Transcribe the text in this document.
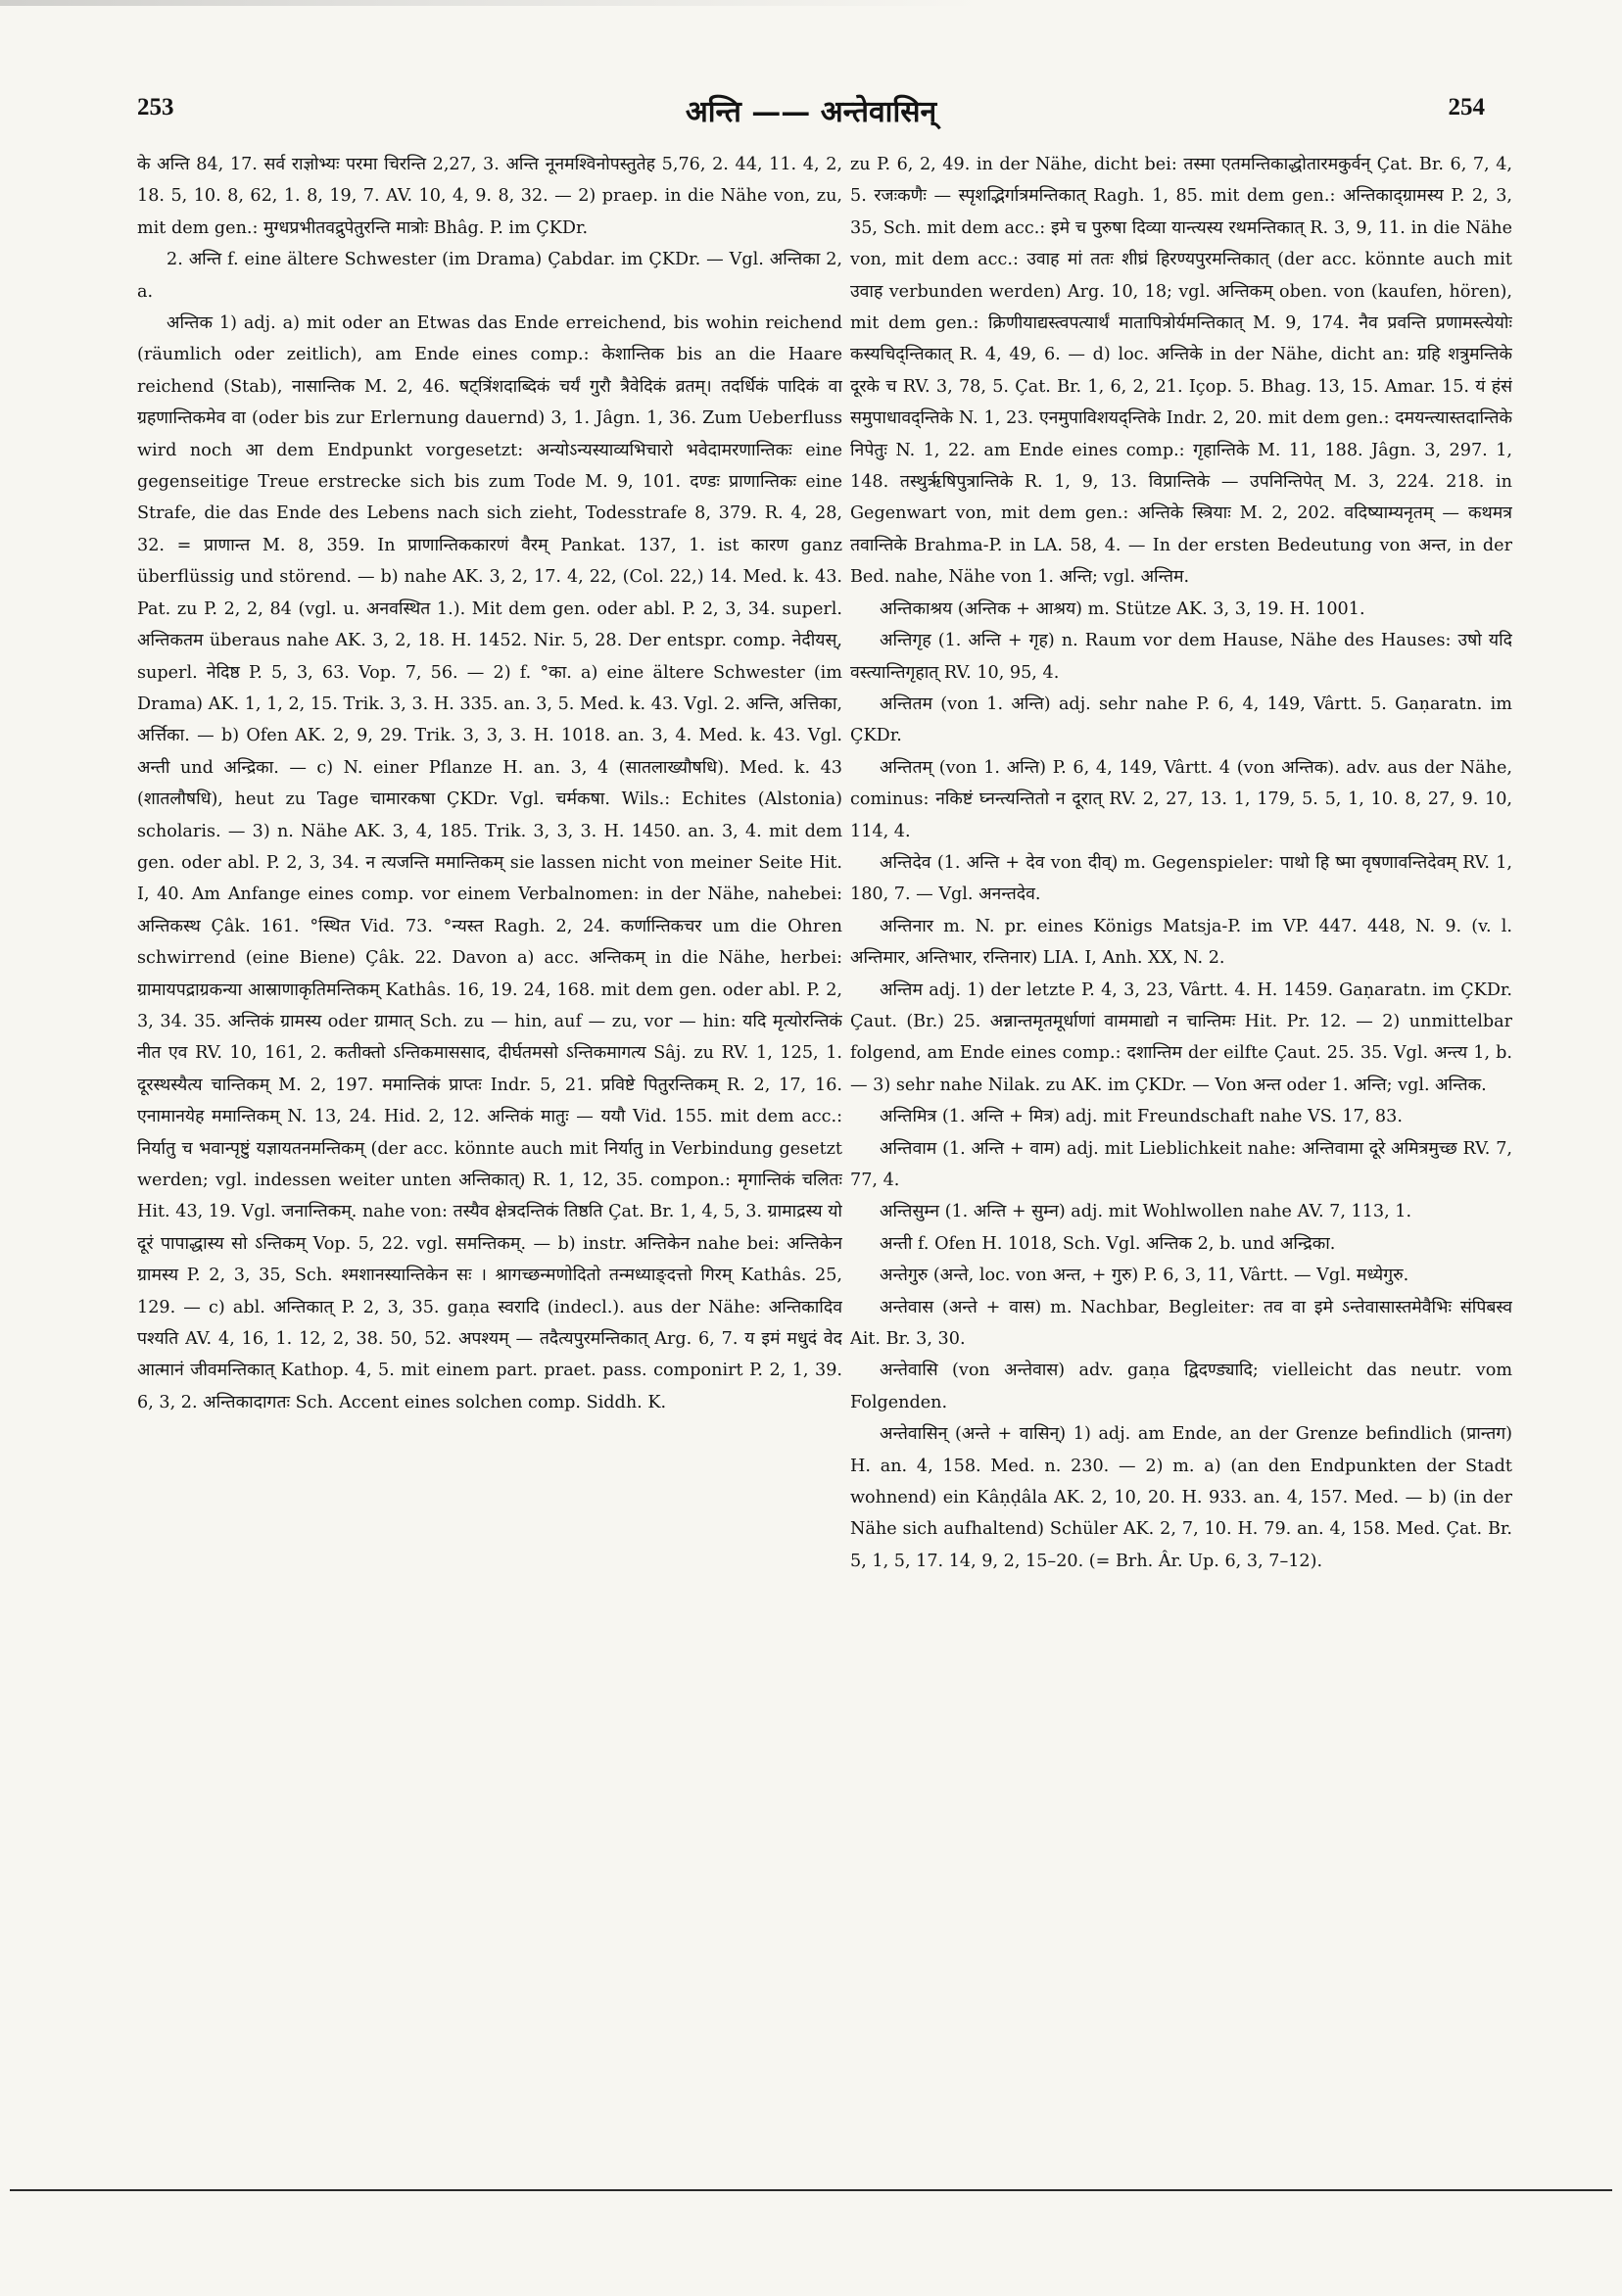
253	अन्ति —— अन्तेवासिन्	254

के अन्ति 84, 17. सर्व राज्ञोभ्यः परमा चिरन्ति 2,27, 3. अन्ति नूनमश्विनोपस्तुतेह 5,76, 2. 44, 11. 4, 2, 18. 5, 10. 8, 62, 1. 8, 19, 7. AV. 10, 4, 9. 8, 32. — 2) praep. in die Nähe von, zu, mit dem gen.: मुग्धप्रभीतवद्रुपेतुरन्ति मात्रोः Bhâg. P. im ÇKDr.

2. अन्ति f. eine ältere Schwester (im Drama) Çabdar. im ÇKDr. — Vgl. अन्तिका 2, a.

अन्तिक 1) adj. a) mit oder an Etwas das Ende erreichend, bis wohin reichend (räumlich oder zeitlich), am Ende eines comp.: केशान्तिक bis an die Haare reichend (Stab), नासान्तिक M. 2, 46. षट्त्रिंशदाब्दिकं चर्यं गुरौ त्रैवेदिकं व्रतम्। तदर्धिकं पादिकं वा ग्रहणान्तिकमेव वा (oder bis zur Erlernung dauernd) 3, 1. Jâgn. 1, 36. Zum Ueberfluss wird noch आ dem Endpunkt vorgesetzt: अन्योऽन्यस्याव्यभिचारो भवेदामरणान्तिकः eine gegenseitige Treue erstrecke sich bis zum Tode M. 9, 101. दण्डः प्राणान्तिकः eine Strafe, die das Ende des Lebens nach sich zieht, Todesstrafe 8, 379. R. 4, 28, 32. = प्राणान्त M. 8, 359. In प्राणान्तिककारणं वैरम् Pankat. 137, 1. ist कारण ganz überflüssig und störend. — b) nahe AK. 3, 2, 17. 4, 22, (Col. 22,) 14. Med. k. 43. Pat. zu P. 2, 2, 84 (vgl. u. अनवस्थित 1.). Mit dem gen. oder abl. P. 2, 3, 34. superl. अन्तिकतम überaus nahe AK. 3, 2, 18. H. 1452. Nir. 5, 28. Der entspr. comp. नेदीयस्, superl. नेदिष्ठ P. 5, 3, 63. Vop. 7, 56. — 2) f. °का. a) eine ältere Schwester (im Drama) AK. 1, 1, 2, 15. Trik. 3, 3. H. 335. an. 3, 5. Med. k. 43. Vgl. 2. अन्ति, अत्तिका, अर्त्तिका. — b) Ofen AK. 2, 9, 29. Trik. 3, 3, 3. H. 1018. an. 3, 4. Med. k. 43. Vgl. अन्ती und अन्द्रिका. — c) N. einer Pflanze H. an. 3, 4 (सातलाख्यौषधि). Med. k. 43 (शातलौषधि), heut zu Tage चामारकषा ÇKDr. Vgl. चर्मकषा. Wils.: Echites (Alstonia) scholaris. — 3) n. Nähe AK. 3, 4, 185. Trik. 3, 3, 3. H. 1450. an. 3, 4. mit dem gen. oder abl. P. 2, 3, 34. न त्यजन्ति ममान्तिकम् sie lassen nicht von meiner Seite Hit. I, 40. Am Anfange eines comp. vor einem Verbalnomen: in der Nähe, nahebei: अन्तिकस्थ Çâk. 161. °स्थित Vid. 73. °न्यस्त Ragh. 2, 24. कर्णान्तिकचर um die Ohren schwirrend (eine Biene) Çâk. 22. Davon a) acc. अन्तिकम् in die Nähe, herbei: ग्रामायपद्राग्रकन्या आस्राणाकृतिमन्तिकम् Kathâs. 16, 19. 24, 168. mit dem gen. oder abl. P. 2, 3, 34. 35. अन्तिकं ग्रामस्य oder ग्रामात् Sch. zu — hin, auf — zu, vor — hin: यदि मृत्योरन्तिकं नीत एव RV. 10, 161, 2. कतीक्तो ऽन्तिकमाससाद, दीर्घतमसो ऽन्तिकमागत्य Sâj. zu RV. 1, 125, 1. दूरस्थस्यैत्य चान्तिकम् M. 2, 197. ममान्तिकं प्राप्तः Indr. 5, 21. प्रविष्टे पितुरन्तिकम् R. 2, 17, 16. एनामानयेह ममान्तिकम् N. 13, 24. Hid. 2, 12. अन्तिकं मातुः — ययौ Vid. 155. mit dem acc.: निर्यातु च भवान्पृष्टुं यज्ञायतनमन्तिकम् (der acc. könnte auch mit निर्यातु in Verbindung gesetzt werden; vgl. indessen weiter unten अन्तिकात्) R. 1, 12, 35. compon.: मृगान्तिकं चलितः Hit. 43, 19. Vgl. जनान्तिकम्. nahe von: तस्यैव क्षेत्रदन्तिकं तिष्ठति Çat. Br. 1, 4, 5, 3. ग्रामाद्रस्य यो दूरं पापाद्धास्य सो ऽन्तिकम् Vop. 5, 22. vgl. समन्तिकम्. — b) instr. अन्तिकेन nahe bei: अन्तिकेन ग्रामस्य P. 2, 3, 35, Sch. श्मशानस्यान्तिकेन सः । श्रागच्छन्मणोदितो तन्मध्याङ्दत्तो गिरम् Kathâs. 25, 129. — c) abl. अन्तिकात् P. 2, 3, 35. gaṇa स्वरादि (indecl.). aus der Nähe: अन्तिकादिव पश्यति AV. 4, 16, 1. 12, 2, 38. 50, 52. अपश्यम् — तदैत्यपुरमन्तिकात् Arg. 6, 7. य इमं मधुदं वेद आत्मानं जीवमन्तिकात् Kathop. 4, 5. mit einem part. praet. pass. componirt P. 2, 1, 39. 6, 3, 2. अन्तिकादागतः Sch. Accent eines solchen comp. Siddh. K.

zu P. 6, 2, 49. in der Nähe, dicht bei: तस्मा एतमन्तिकाद्धोतारमकुर्वन् Çat. Br. 6, 7, 4, 5. रजःकणैः — स्पृशद्भिर्गात्रमन्तिकात् Ragh. 1, 85. mit dem gen.: अन्तिकाद्ग्रामस्य P. 2, 3, 35, Sch. mit dem acc.: इमे च पुरुषा दिव्या यान्त्यस्य रथमन्तिकात् R. 3, 9, 11. in die Nähe von, mit dem acc.: उवाह मां ततः शीघ्रं हिरण्यपुरमन्तिकात् (der acc. könnte auch mit उवाह verbunden werden) Arg. 10, 18; vgl. अन्तिकम् oben. von (kaufen, hören), mit dem gen.: क्रिणीयाद्यस्त्वपत्यार्थं मातापित्रोर्यमन्तिकात् M. 9, 174. नैव प्रवन्ति प्रणामस्त्येयोः कस्यचिद्न्तिकात् R. 4, 49, 6. — d) loc. अन्तिके in der Nähe, dicht an: ग्रहि शत्रुमन्तिके दूरके च RV. 3, 78, 5. Çat. Br. 1, 6, 2, 21. Içop. 5. Bhag. 13, 15. Amar. 15. यं हंसं समुपाधावद्न्तिके N. 1, 23. एनमुपाविशयद्न्तिके Indr. 2, 20. mit dem gen.: दमयन्त्यास्तदान्तिके निपेतुः N. 1, 22. am Ende eines comp.: गृहान्तिके M. 11, 188. Jâgn. 3, 297. 1, 148. तस्थुर्ऋषिपुत्रान्तिके R. 1, 9, 13. विप्रान्तिके — उपनिन्तिपेत् M. 3, 224. 218. in Gegenwart von, mit dem gen.: अन्तिके स्त्रियाः M. 2, 202. वदिष्याम्यनृतम् — कथमत्र तवान्तिके Brahma-P. in LA. 58, 4. — In der ersten Bedeutung von अन्त, in der Bed. nahe, Nähe von 1. अन्ति; vgl. अन्तिम.

अन्तिकाश्रय (अन्तिक + आश्रय) m. Stütze AK. 3, 3, 19. H. 1001.

अन्तिगृह (1. अन्ति + गृह) n. Raum vor dem Hause, Nähe des Hauses: उषो यदि वस्त्यान्तिगृहात् RV. 10, 95, 4.

अन्तितम (von 1. अन्ति) adj. sehr nahe P. 6, 4, 149, Vârtt. 5. Gaṇaratn. im ÇKDr.

अन्तितम् (von 1. अन्ति) P. 6, 4, 149, Vârtt. 4 (von अन्तिक). adv. aus der Nähe, cominus: नकिष्टं घ्नन्त्यन्तितो न दूरात् RV. 2, 27, 13. 1, 179, 5. 5, 1, 10. 8, 27, 9. 10, 114, 4.

अन्तिदेव (1. अन्ति + देव von दीव्) m. Gegenspieler: पाथो हि ष्मा वृषणावन्तिदेवम् RV. 1, 180, 7. — Vgl. अनन्तदेव.

अन्तिनार m. N. pr. eines Königs Matsja-P. im VP. 447. 448, N. 9. (v. l. अन्तिमार, अन्तिभार, रन्तिनार) LIA. I, Anh. XX, N. 2.

अन्तिम adj. 1) der letzte P. 4, 3, 23, Vârtt. 4. H. 1459. Gaṇaratn. im ÇKDr. Çaut. (Br.) 25. अन्नान्तमृतमूर्धाणां वाममाद्यो न चान्तिमः Hit. Pr. 12. — 2) unmittelbar folgend, am Ende eines comp.: दशान्तिम der eilfte Çaut. 25. 35. Vgl. अन्त्य 1, b. — 3) sehr nahe Nilak. zu AK. im ÇKDr. — Von अन्त oder 1. अन्ति; vgl. अन्तिक.

अन्तिमित्र (1. अन्ति + मित्र) adj. mit Freundschaft nahe VS. 17, 83.

अन्तिवाम (1. अन्ति + वाम) adj. mit Lieblichkeit nahe: अन्तिवामा दूरे अमित्रमुच्छ RV. 7, 77, 4.

अन्तिसुम्न (1. अन्ति + सुम्न) adj. mit Wohlwollen nahe AV. 7, 113, 1.

अन्ती f. Ofen H. 1018, Sch. Vgl. अन्तिक 2, b. und अन्द्रिका.

अन्तेगुरु (अन्ते, loc. von अन्त, + गुरु) P. 6, 3, 11, Vârtt. — Vgl. मध्येगुरु.

अन्तेवास (अन्ते + वास) m. Nachbar, Begleiter: तव वा इमे ऽन्तेवासास्तमेवैभिः संपिबस्व Ait. Br. 3, 30.

अन्तेवासि (von अन्तेवास) adv. gaṇa द्विदण्ड्यादि; vielleicht das neutr. vom Folgenden.

अन्तेवासिन् (अन्ते + वासिन्) 1) adj. am Ende, an der Grenze befindlich (प्रान्तग) H. an. 4, 158. Med. n. 230. — 2) m. a) (an den Endpunkten der Stadt wohnend) ein Kâṇḍâla AK. 2, 10, 20. H. 933. an. 4, 157. Med. — b) (in der Nähe sich aufhaltend) Schüler AK. 2, 7, 10. H. 79. an. 4, 158. Med. Çat. Br. 5, 1, 5, 17. 14, 9, 2, 15–20. (= Brh. Âr. Up. 6, 3, 7–12).
